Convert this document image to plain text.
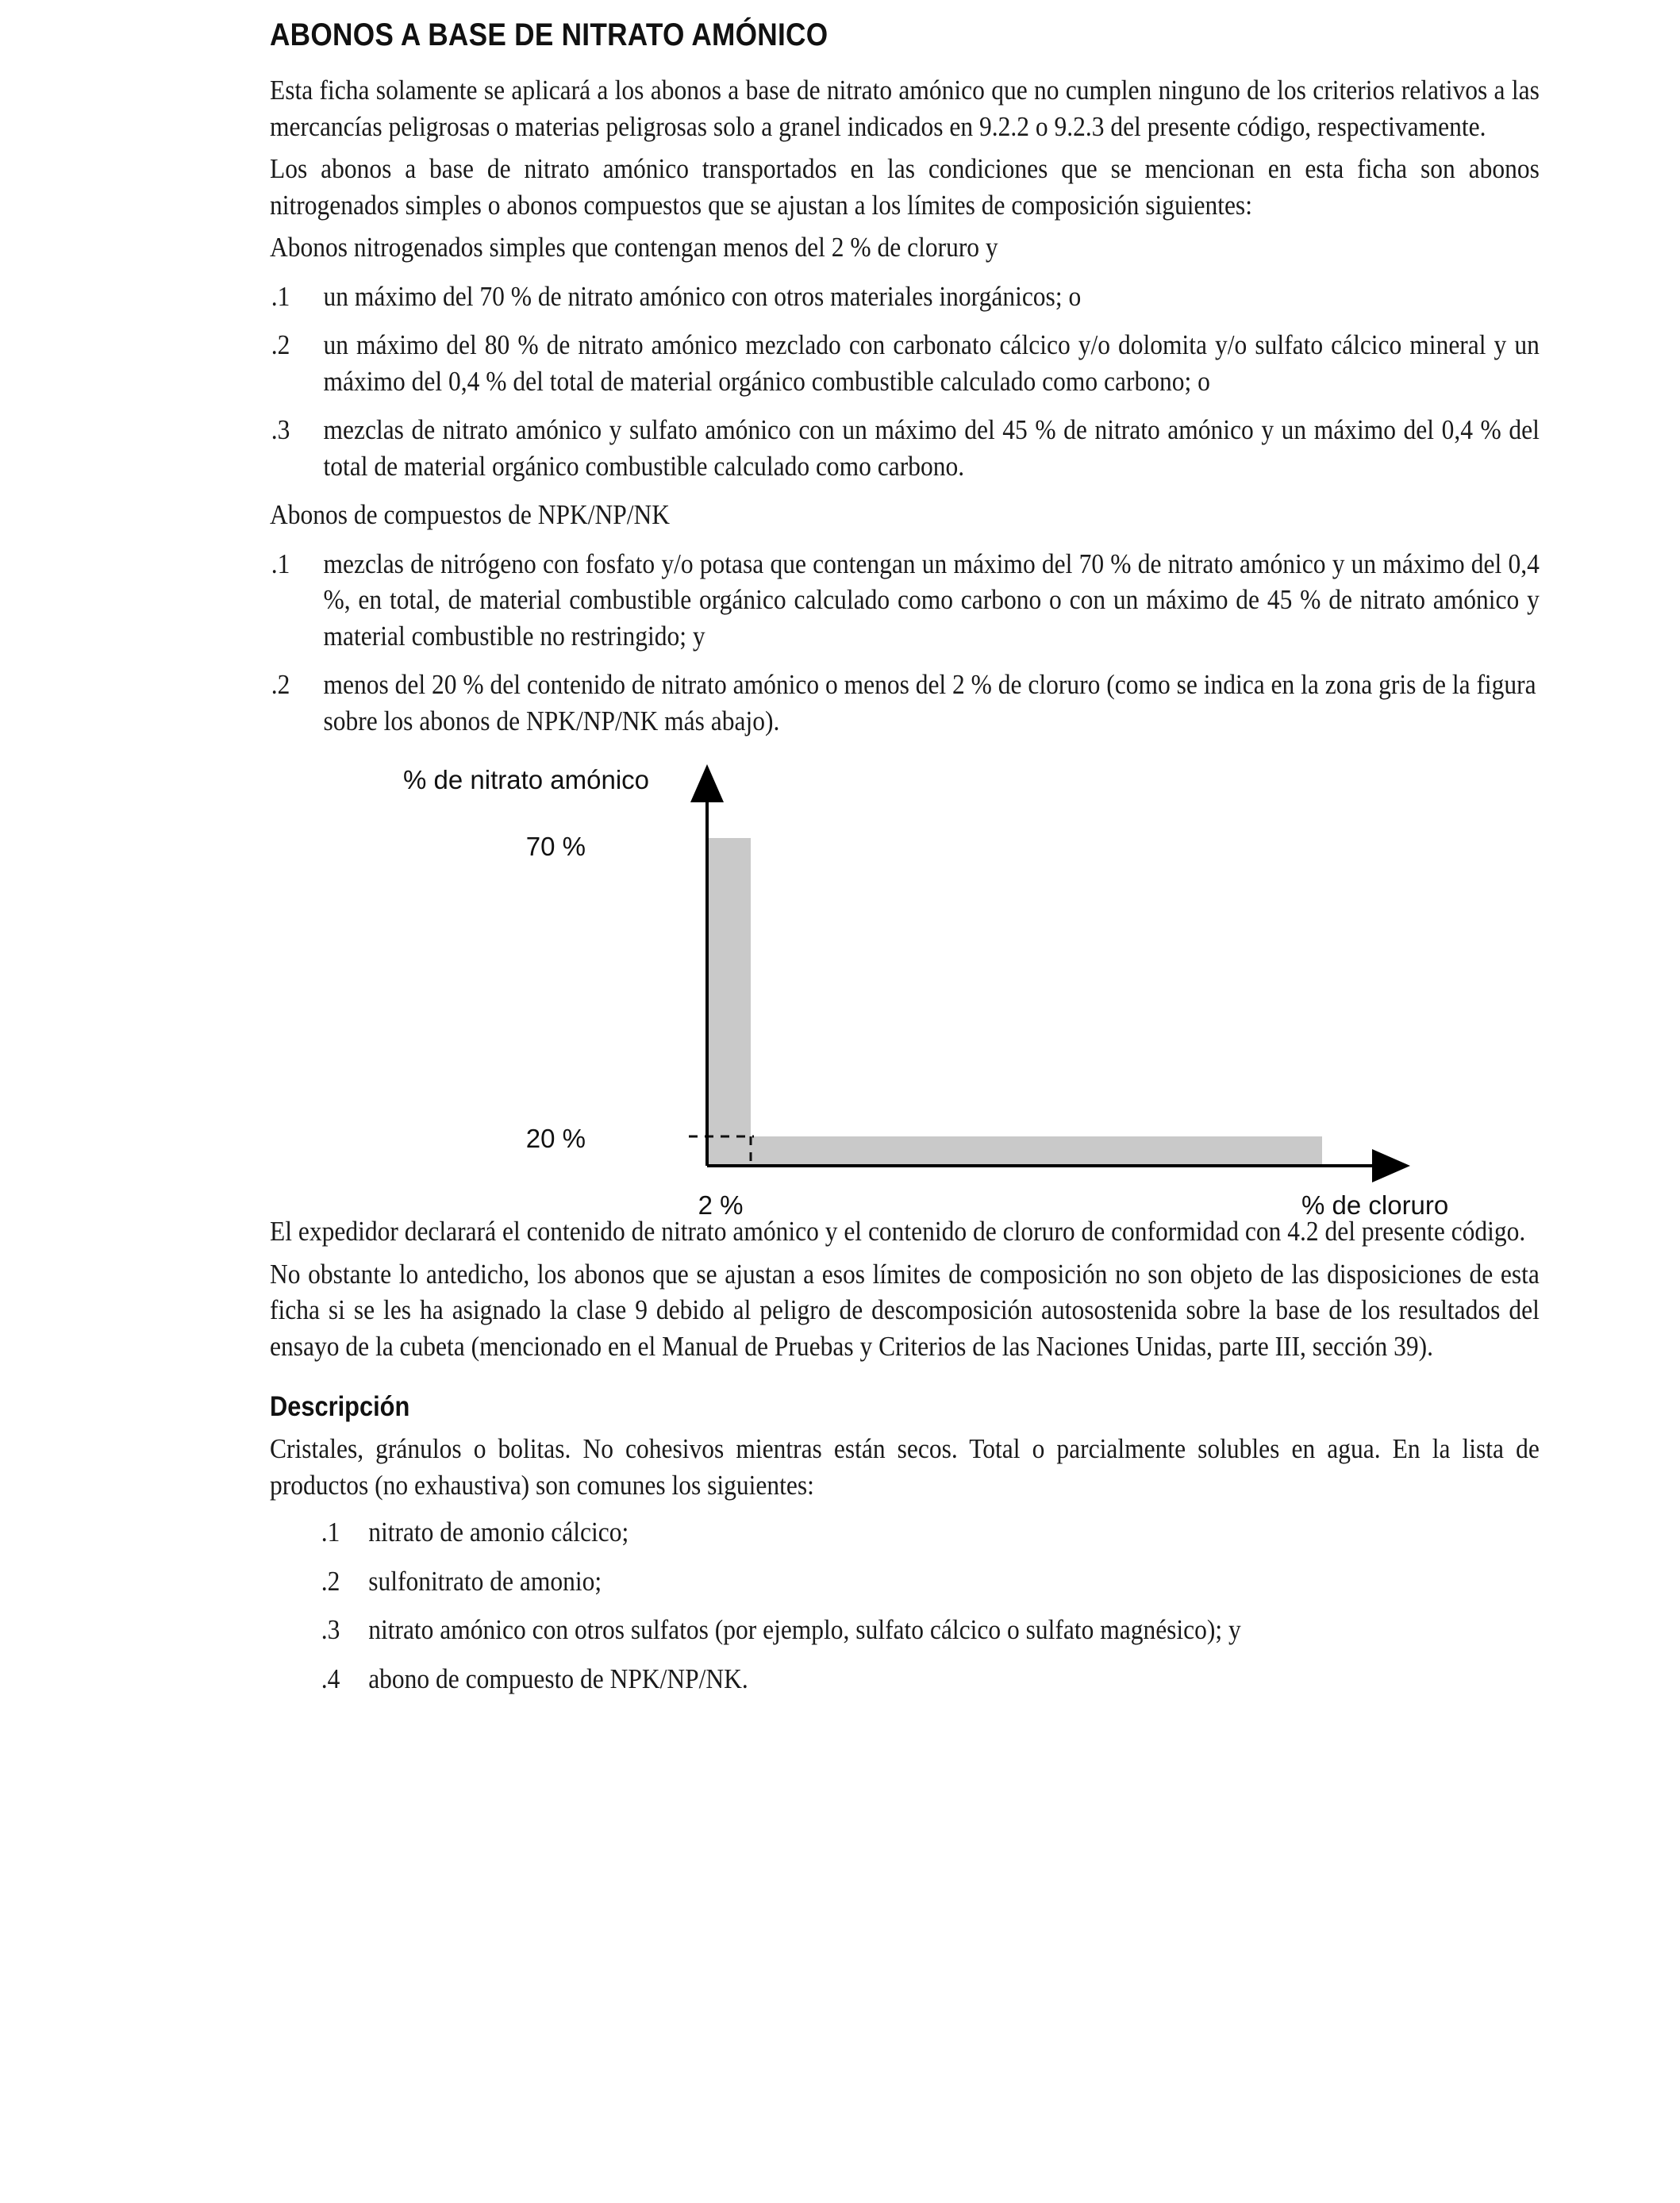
ABONOS A BASE DE NITRATO AMÓNICO

Esta ficha solamente se aplicará a los abonos a base de nitrato amónico que no cumplen ninguno de los criterios relativos a las mercancías peligrosas o materias peligrosas solo a granel indicados en 9.2.2 o 9.2.3 del presente código, respectivamente.

Los abonos a base de nitrato amónico transportados en las condiciones que se mencionan en esta ficha son abonos nitrogenados simples o abonos compuestos que se ajustan a los límites de composición siguientes:

Abonos nitrogenados simples que contengan menos del 2 % de cloruro y

.1	un máximo del 70 % de nitrato amónico con otros materiales inorgánicos; o
.2	un máximo del 80 % de nitrato amónico mezclado con carbonato cálcico y/o dolomita y/o sulfato cálcico mineral y un máximo del 0,4 % del total de material orgánico combustible calculado como carbono; o
.3	mezclas de nitrato amónico y sulfato amónico con un máximo del 45 % de nitrato amónico y un máximo del 0,4 % del total de material orgánico combustible calculado como carbono.

Abonos de compuestos de NPK/NP/NK

.1	mezclas de nitrógeno con fosfato y/o potasa que contengan un máximo del 70 % de nitrato amónico y un máximo del 0,4 %, en total, de material combustible orgánico calculado como carbono o con un máximo de 45 % de nitrato amónico y material combustible no restringido; y
.2	menos del 20 % del contenido de nitrato amónico o menos del 2 % de cloruro (como se indica en la zona gris de la figura sobre los abonos de NPK/NP/NK más abajo).
% de nitrato amónico
70 %
20 %
2 %	% de cloruro

El expedidor declarará el contenido de nitrato amónico y el contenido de cloruro de conformidad con 4.2 del presente código.

No obstante lo antedicho, los abonos que se ajustan a esos límites de composición no son objeto de las disposiciones de esta ficha si se les ha asignado la clase 9 debido al peligro de descomposición autosostenida sobre la base de los resultados del ensayo de la cubeta (mencionado en el Manual de Pruebas y Criterios de las Naciones Unidas, parte III, sección 39).

Descripción

Cristales, gránulos o bolitas. No cohesivos mientras están secos. Total o parcialmente solubles en agua. En la lista de productos (no exhaustiva) son comunes los siguientes:

.1	nitrato de amonio cálcico;
.2	sulfonitrato de amonio;
.3	nitrato amónico con otros sulfatos (por ejemplo, sulfato cálcico o sulfato magnésico); y
.4	abono de compuesto de NPK/NP/NK.
